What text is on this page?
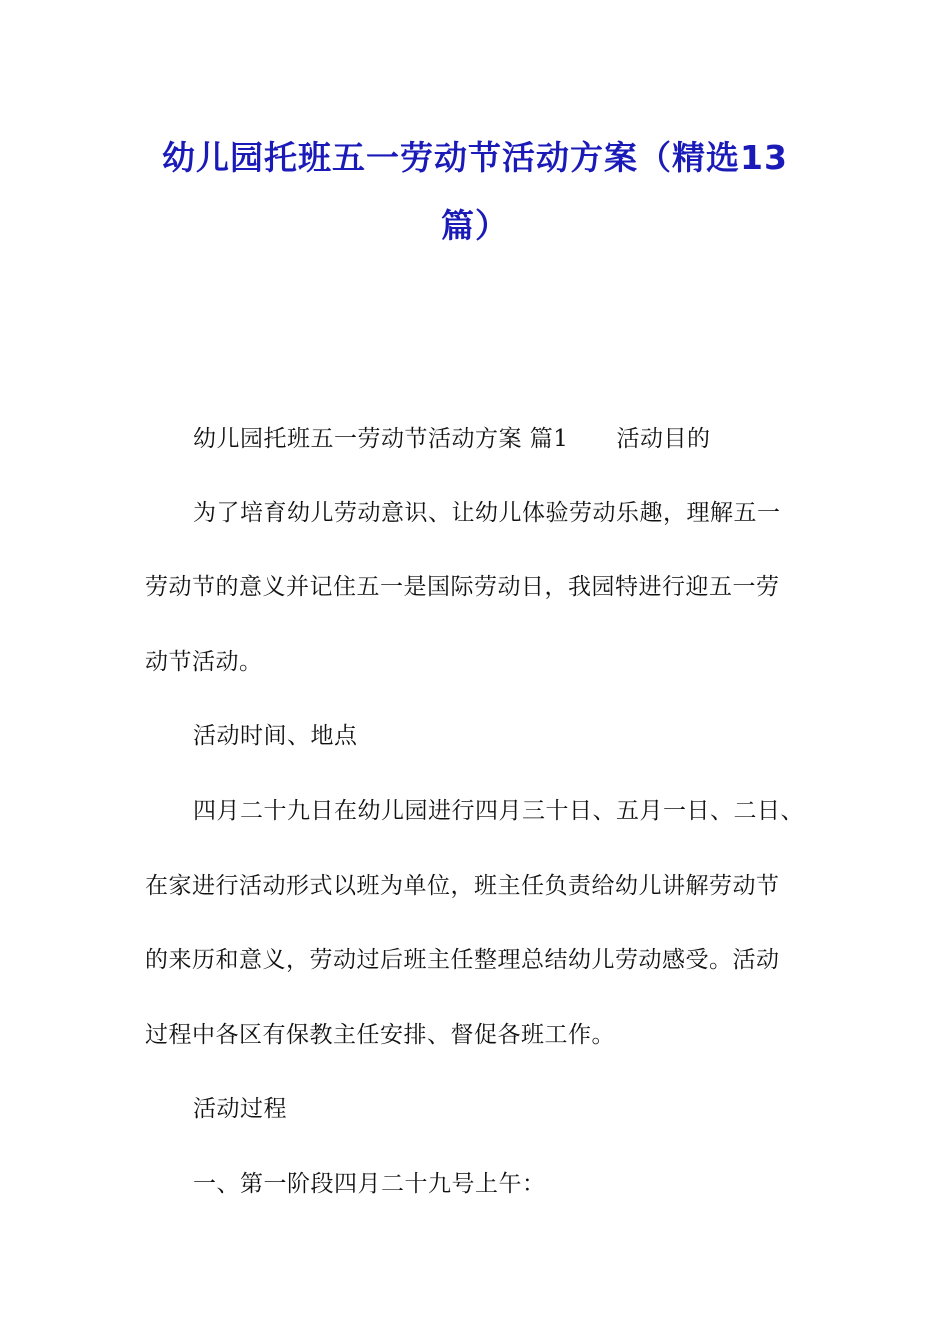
幼儿园托班五一劳动节活动方案（精选13
篇）
幼儿园托班五一劳动节活动方案 篇1 活动目的
为了培育幼儿劳动意识、让幼儿体验劳动乐趣，理解五一
劳动节的意义并记住五一是国际劳动日，我园特进行迎五一劳
动节活动。
活动时间、地点
四月二十九日在幼儿园进行四月三十日、五月一日、二日、
在家进行活动形式以班为单位，班主任负责给幼儿讲解劳动节
的来历和意义，劳动过后班主任整理总结幼儿劳动感受。活动
过程中各区有保教主任安排、督促各班工作。
活动过程
一、第一阶段四月二十九号上午：
